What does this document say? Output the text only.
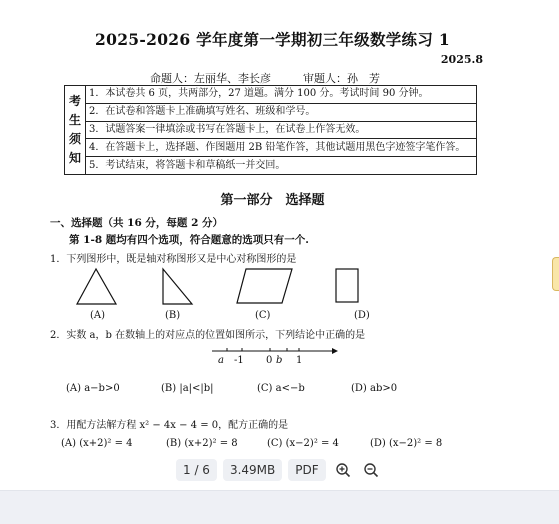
2025-2026 学年度第一学期初三年级数学练习 1
2025.8
命题人：左丽华、李长彦	审题人：孙　芳
考
生
须
知
	1．本试卷共 6 页，共两部分，27 道题。满分 100 分。考试时间 90 分钟。
2．在试卷和答题卡上准确填写姓名、班级和学号。
3．试题答案一律填涂或书写在答题卡上，在试卷上作答无效。
4．在答题卡上，选择题、作图题用 2B 铅笔作答，其他试题用黑色字迹签字笔作答。
5．考试结束，将答题卡和草稿纸一并交回。
第一部分　选择题
一、选择题（共 16 分，每题 2 分）
第 1-8 题均有四个选项，符合题意的选项只有一个.
1．下列图形中，既是轴对称图形又是中心对称图形的是
(A)	(B)	(C)	(D)
2．实数 a，b 在数轴上的对应点的位置如图所示，下列结论中正确的是
a -1 0 b 1
(A) a−b>0	(B) |a|<|b|	(C) a<−b	(D) ab>0
3．用配方法解方程 x² − 4x − 4 = 0，配方正确的是
(A) (x+2)² = 4	(B) (x+2)² = 8	(C) (x−2)² = 4	(D) (x−2)² = 8
1 / 6	3.49MB	PDF
